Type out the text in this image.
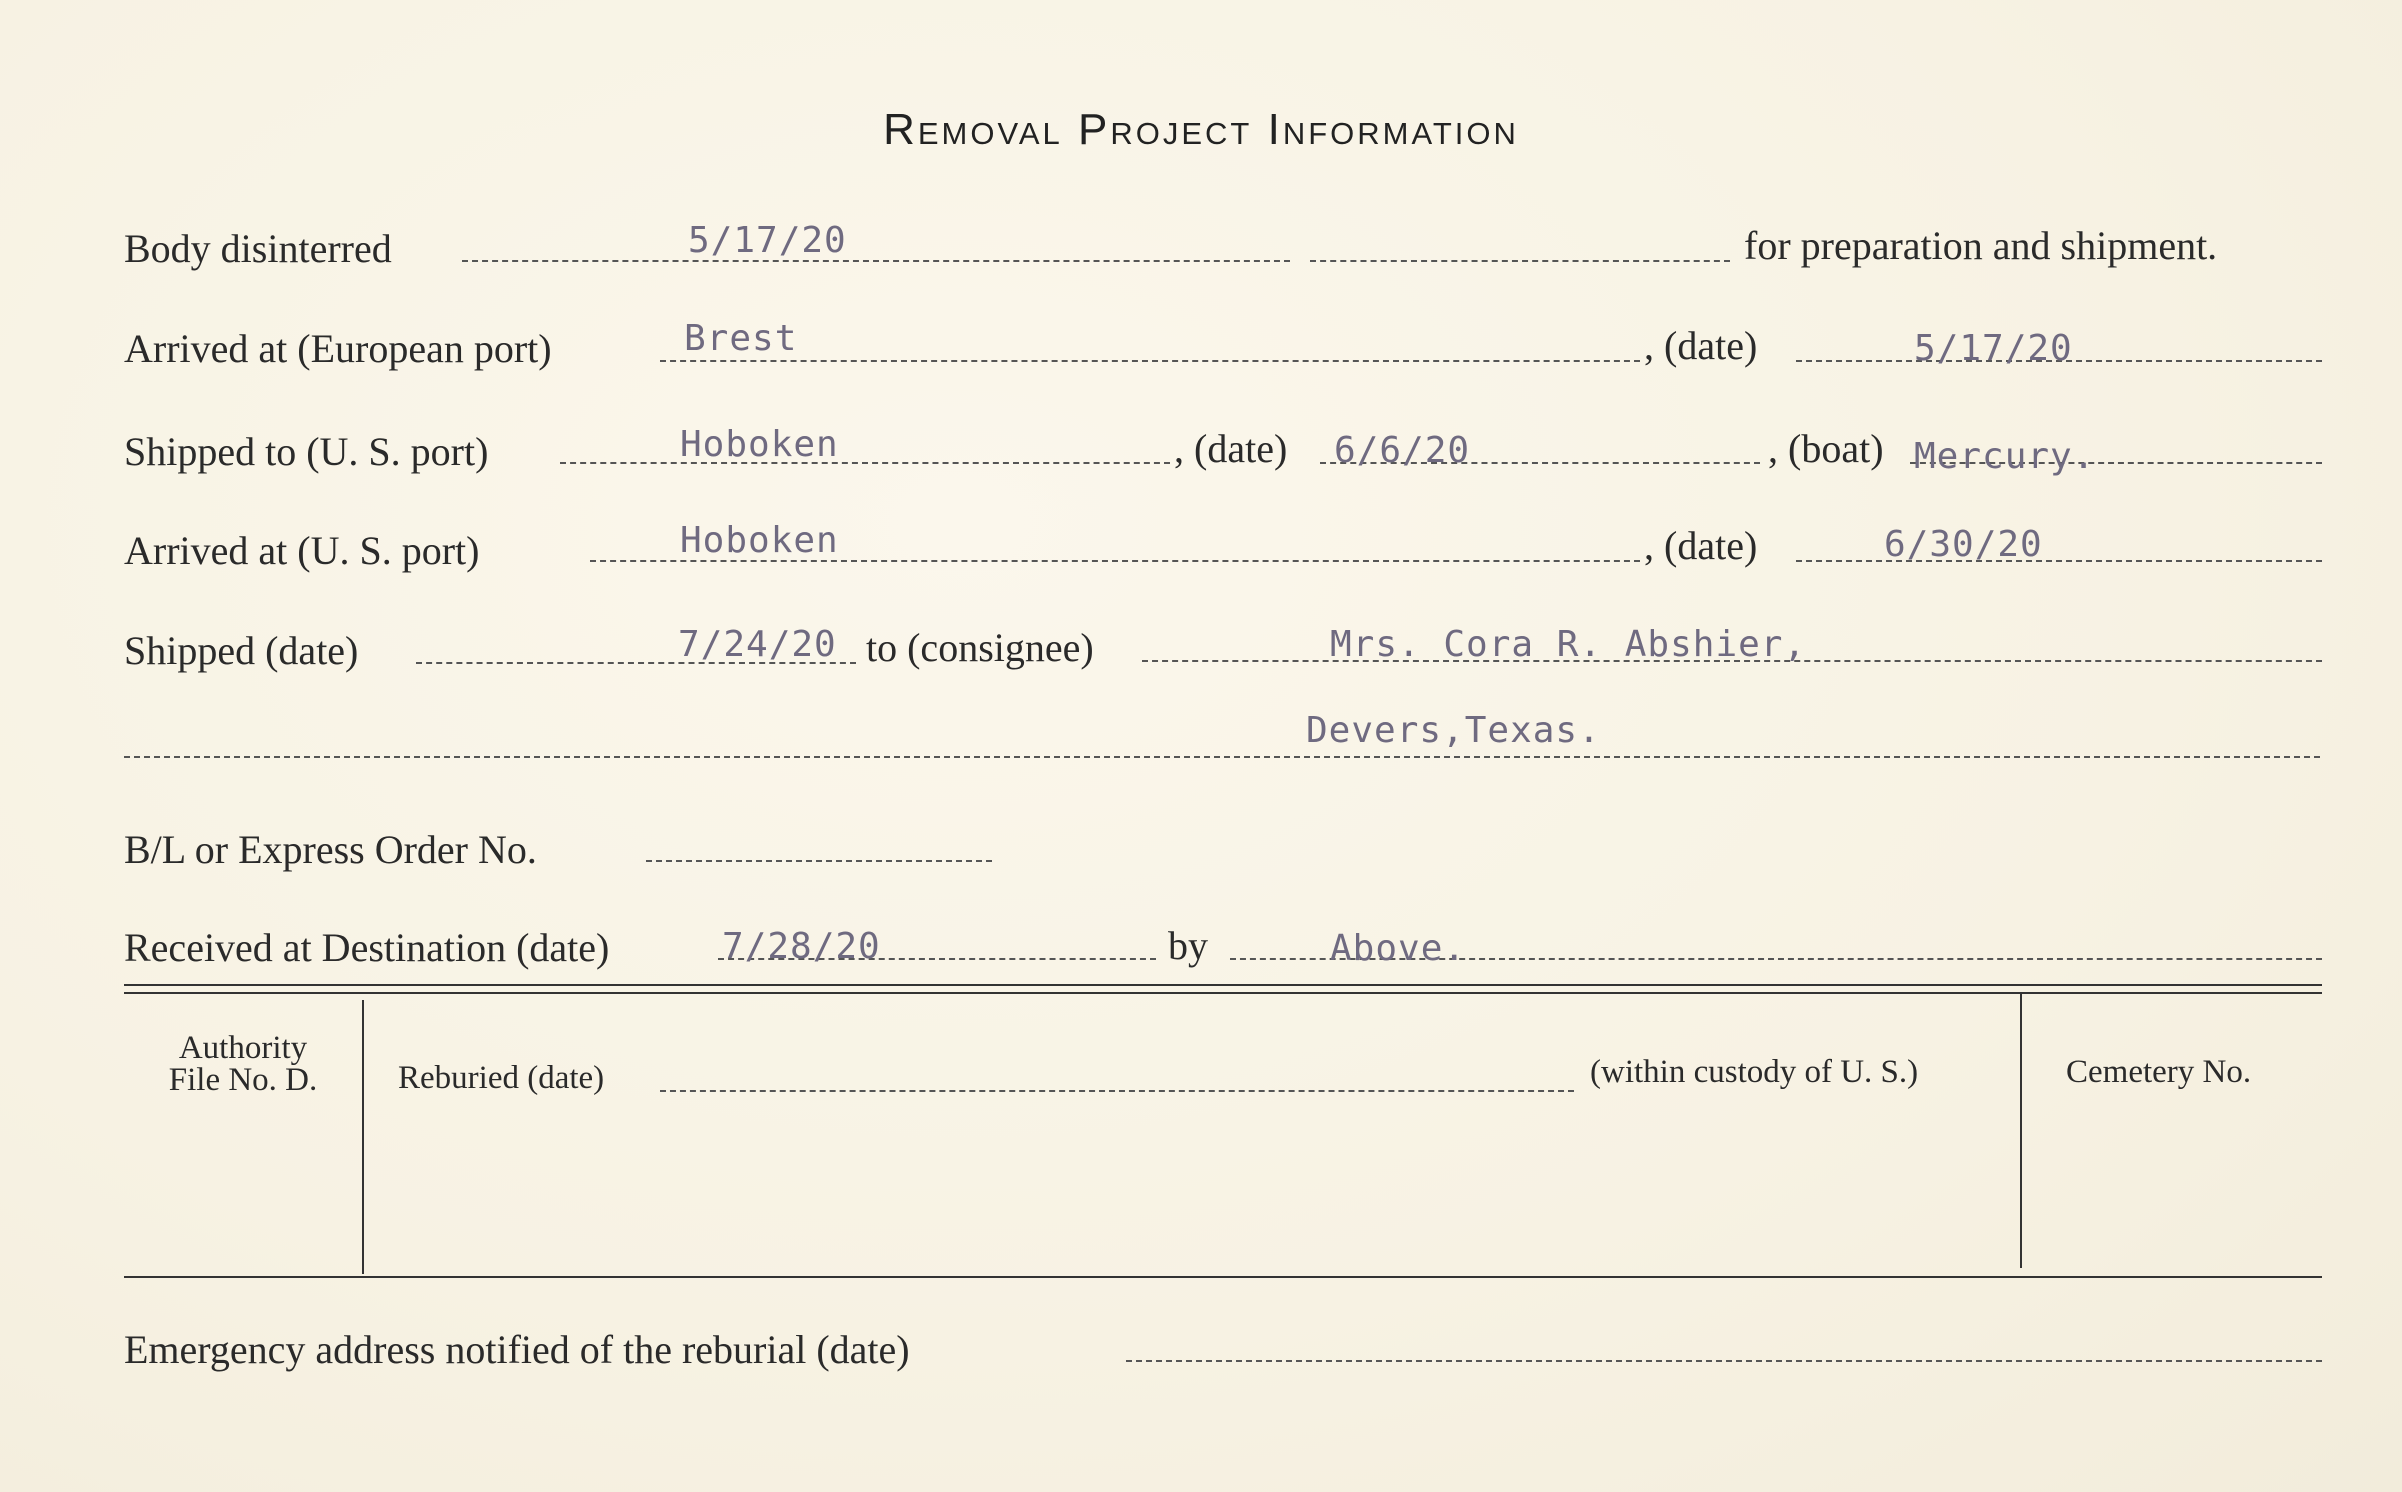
Removal Project Information
Body disinterred	5/17/20	for preparation and shipment.
Arrived at (European port)	Brest	, (date)	5/17/20
Shipped to (U. S. port)	Hoboken	, (date) 6/6/20	, (boat) Mercury.
Arrived at (U. S. port)	Hoboken	, (date)	6/30/20
Shipped (date)	7/24/20 to (consignee)	Mrs. Cora R. Abshier,
Devers,Texas.
B/L or Express Order No.
Received at Destination (date)	7/28/20	by	Above.
Authority
File No. D.	Reburied (date)	(within custody of U. S.)	Cemetery No.
Emergency address notified of the reburial (date)
